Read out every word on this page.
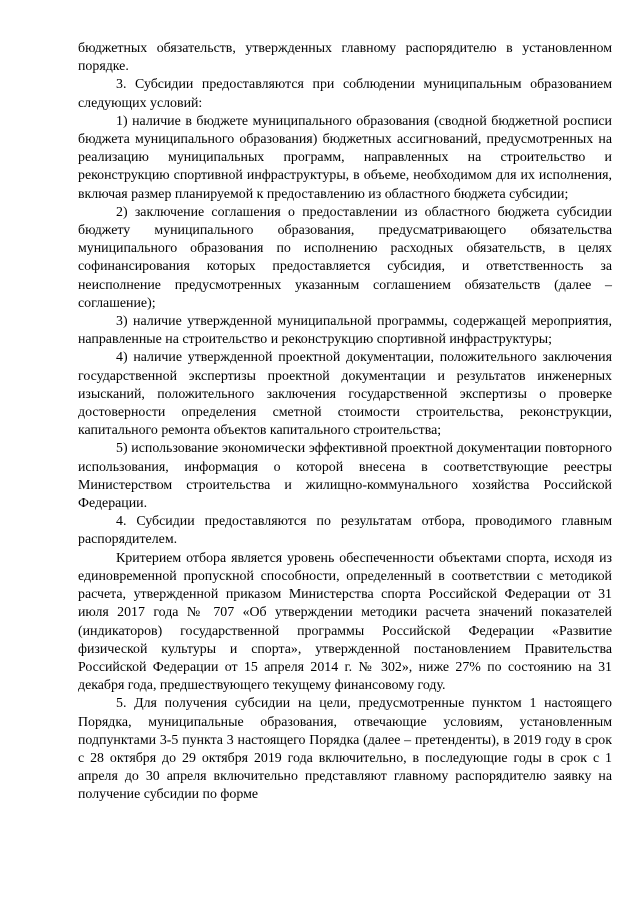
бюджетных обязательств, утвержденных главному распорядителю в установленном порядке.

3. Субсидии предоставляются при соблюдении муниципальным образованием следующих условий:

1) наличие в бюджете муниципального образования (сводной бюджетной росписи бюджета муниципального образования) бюджетных ассигнований, предусмотренных на реализацию муниципальных программ, направленных на строительство и реконструкцию спортивной инфраструктуры, в объеме, необходимом для их исполнения, включая размер планируемой к предоставлению из областного бюджета субсидии;

2) заключение соглашения о предоставлении из областного бюджета субсидии бюджету муниципального образования, предусматривающего обязательства муниципального образования по исполнению расходных обязательств, в целях софинансирования которых предоставляется субсидия, и ответственность за неисполнение предусмотренных указанным соглашением обязательств (далее – соглашение);

3) наличие утвержденной муниципальной программы, содержащей мероприятия, направленные на строительство и реконструкцию спортивной инфраструктуры;

4) наличие утвержденной проектной документации, положительного заключения государственной экспертизы проектной документации и результатов инженерных изысканий, положительного заключения государственной экспертизы о проверке достоверности определения сметной стоимости строительства, реконструкции, капитального ремонта объектов капитального строительства;

5) использование экономически эффективной проектной документации повторного использования, информация о которой внесена в соответствующие реестры Министерством строительства и жилищно-коммунального хозяйства Российской Федерации.

4. Субсидии предоставляются по результатам отбора, проводимого главным распорядителем.

Критерием отбора является уровень обеспеченности объектами спорта, исходя из единовременной пропускной способности, определенный в соответствии с методикой расчета, утвержденной приказом Министерства спорта Российской Федерации от 31 июля 2017 года № 707 «Об утверждении методики расчета значений показателей (индикаторов) государственной программы Российской Федерации «Развитие физической культуры и спорта», утвержденной постановлением Правительства Российской Федерации от 15 апреля 2014 г. № 302», ниже 27% по состоянию на 31 декабря года, предшествующего текущему финансовому году.

5. Для получения субсидии на цели, предусмотренные пунктом 1 настоящего Порядка, муниципальные образования, отвечающие условиям, установленным подпунктами 3-5 пункта 3 настоящего Порядка (далее – претенденты), в 2019 году в срок с 28 октября до 29 октября 2019 года включительно, в последующие годы в срок с 1 апреля до 30 апреля включительно представляют главному распорядителю заявку на получение субсидии по форме
